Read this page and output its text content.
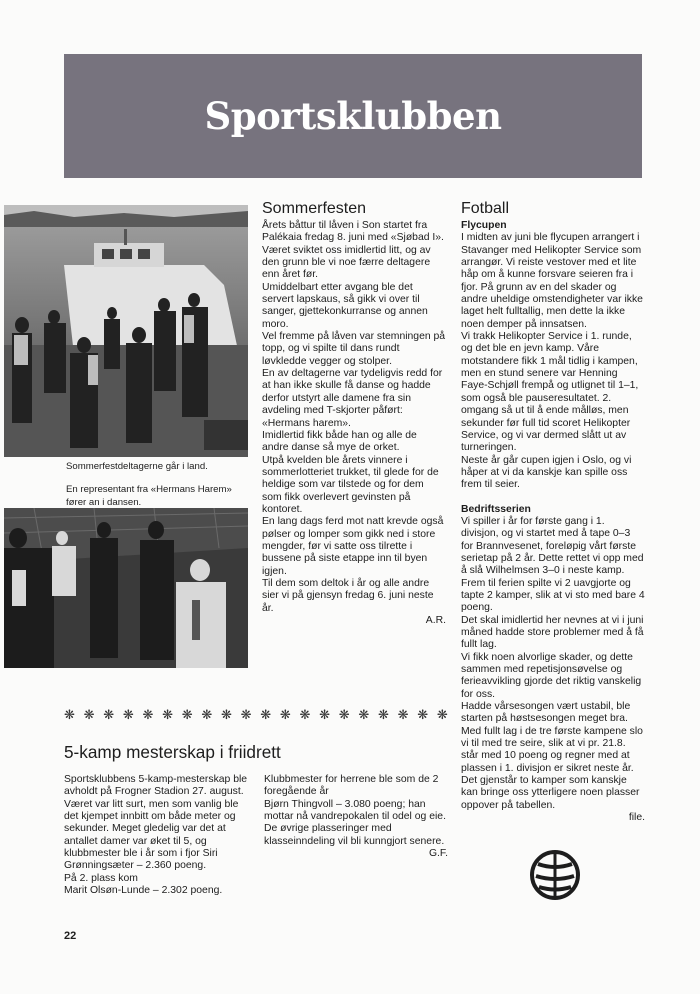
Sportsklubben
Sommerfestdeltagerne går i land.
En representant fra «Hermans Harem» fører an i dansen.
Sommerfesten

Årets båttur til låven i Son startet fra Palékaia fredag 8. juni med «Sjøbad I». Været sviktet oss imidlertid litt, og av den grunn ble vi noe færre deltagere enn året før.

Umiddelbart etter avgang ble det servert lapskaus, så gikk vi over til sanger, gjettekonkurranse og annen moro.

Vel fremme på låven var stemningen på topp, og vi spilte til dans rundt løvkledde vegger og stolper.

En av deltagerne var tydeligvis redd for at han ikke skulle få danse og hadde derfor utstyrt alle damene fra sin avdeling med T-skjorter påført: «Hermans harem».

Imidlertid fikk både han og alle de andre danse så mye de orket.

Utpå kvelden ble årets vinnere i sommerlotteriet trukket, til glede for de heldige som var tilstede og for dem som fikk overlevert gevinsten på kontoret.

En lang dags ferd mot natt krevde også pølser og lomper som gikk ned i store mengder, før vi satte oss tilrette i bussene på siste etappe inn til byen igjen.

Til dem som deltok i år og alle andre sier vi på gjensyn fredag 6. juni neste år.

A.R.

Fotball

Flycupen

I midten av juni ble flycupen arrangert i Stavanger med Helikopter Service som arrangør. Vi reiste vestover med et lite håp om å kunne forsvare seieren fra i fjor. På grunn av en del skader og andre uheldige omstendigheter var ikke laget helt fulltallig, men dette la ikke noen demper på innsatsen.

Vi trakk Helikopter Service i 1. runde, og det ble en jevn kamp. Våre motstandere fikk 1 mål tidlig i kampen, men en stund senere var Henning Faye-Schjøll frempå og utlignet til 1–1, som også ble pauseresultatet. 2. omgang så ut til å ende målløs, men sekunder før full tid scoret Helikopter Service, og vi var dermed slått ut av turneringen.

Neste år går cupen igjen i Oslo, og vi håper at vi da kanskje kan spille oss frem til seier.

Bedriftsserien

Vi spiller i år for første gang i 1. divisjon, og vi startet med å tape 0–3 for Brannvesenet, foreløpig vårt første serietap på 2 år. Dette rettet vi opp med å slå Wilhelmsen 3–0 i neste kamp. Frem til ferien spilte vi 2 uavgjorte og tapte 2 kamper, slik at vi sto med bare 4 poeng.

Det skal imidlertid her nevnes at vi i juni måned hadde store problemer med å få fullt lag.

Vi fikk noen alvorlige skader, og dette sammen med repetisjonsøvelse og ferieavvikling gjorde det riktig vanskelig for oss.

Hadde vårsesongen vært ustabil, ble starten på høstsesongen meget bra. Med fullt lag i de tre første kampene slo vi til med tre seire, slik at vi pr. 21.8. står med 10 poeng og regner med at plassen i 1. divisjon er sikret neste år. Det gjenstår to kamper som kanskje kan bringe oss ytterligere noen plasser oppover på tabellen.

file.

❋ ❋ ❋ ❋ ❋ ❋ ❋ ❋ ❋ ❋ ❋ ❋ ❋ ❋ ❋ ❋ ❋ ❋ ❋ ❋
5-kamp mesterskap i friidrett

Sportsklubbens 5-kamp-mesterskap ble avholdt på Frogner Stadion 27. august.

Været var litt surt, men som vanlig ble det kjempet innbitt om både meter og sekunder. Meget gledelig var det at antallet damer var øket til 5, og klubbmester ble i år som i fjor Siri Grønningsæter – 2.360 poeng.

På 2. plass kom

Marit Olsøn-Lunde – 2.302 poeng.

Klubbmester for herrene ble som de 2 foregående år

Bjørn Thingvoll – 3.080 poeng; han mottar nå vandrepokalen til odel og eie.

De øvrige plasseringer med klasseinndeling vil bli kunngjort senere.

G.F.

22
